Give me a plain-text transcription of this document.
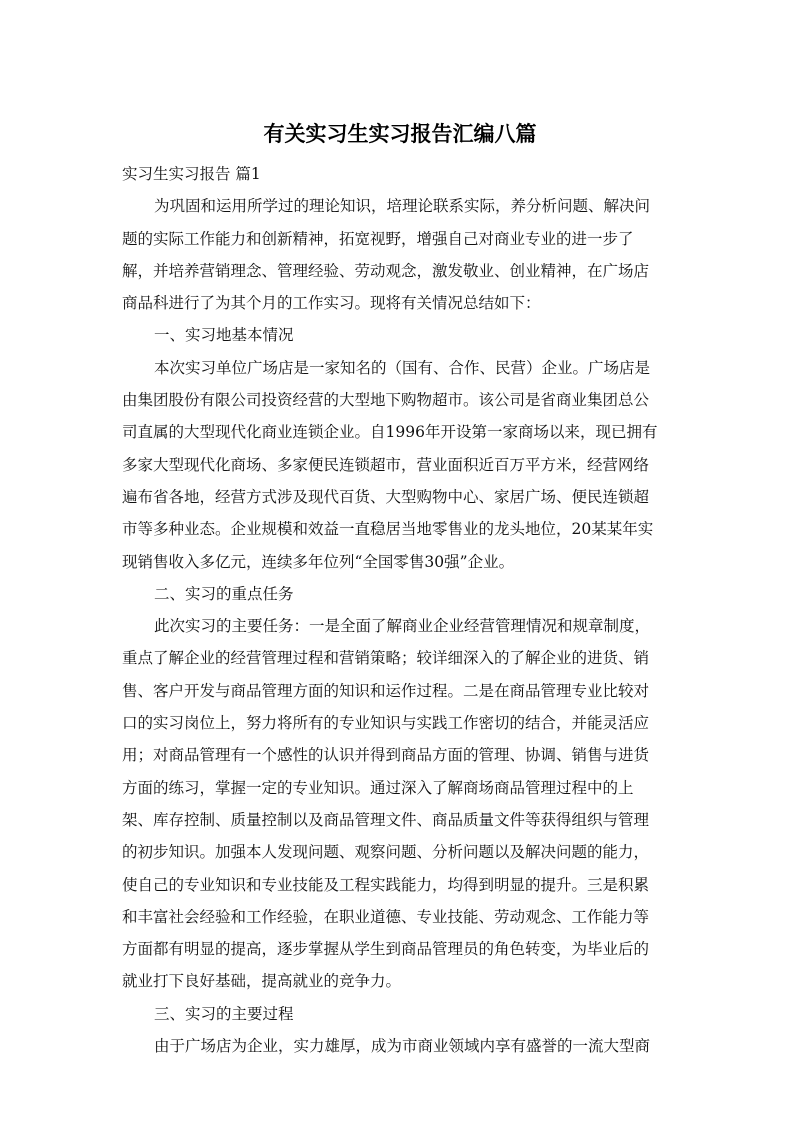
有关实习生实习报告汇编八篇
实习生实习报告 篇1
为巩固和运用所学过的理论知识，培理论联系实际，养分析问题、解决问
题的实际工作能力和创新精神，拓宽视野，增强自己对商业专业的进一步了
解，并培养营销理念、管理经验、劳动观念，激发敬业、创业精神，在广场店
商品科进行了为其个月的工作实习。现将有关情况总结如下：
一、实习地基本情况
本次实习单位广场店是一家知名的（国有、合作、民营）企业。广场店是
由集团股份有限公司投资经营的大型地下购物超市。该公司是省商业集团总公
司直属的大型现代化商业连锁企业。自1996年开设第一家商场以来，现已拥有
多家大型现代化商场、多家便民连锁超市，营业面积近百万平方米，经营网络
遍布省各地，经营方式涉及现代百货、大型购物中心、家居广场、便民连锁超
市等多种业态。企业规模和效益一直稳居当地零售业的龙头地位，20某某年实
现销售收入多亿元，连续多年位列“全国零售30强”企业。
二、实习的重点任务
此次实习的主要任务：一是全面了解商业企业经营管理情况和规章制度，
重点了解企业的经营管理过程和营销策略；较详细深入的了解企业的进货、销
售、客户开发与商品管理方面的知识和运作过程。二是在商品管理专业比较对
口的实习岗位上，努力将所有的专业知识与实践工作密切的结合，并能灵活应
用；对商品管理有一个感性的认识并得到商品方面的管理、协调、销售与进货
方面的练习，掌握一定的专业知识。通过深入了解商场商品管理过程中的上
架、库存控制、质量控制以及商品管理文件、商品质量文件等获得组织与管理
的初步知识。加强本人发现问题、观察问题、分析问题以及解决问题的能力，
使自己的专业知识和专业技能及工程实践能力，均得到明显的提升。三是积累
和丰富社会经验和工作经验，在职业道德、专业技能、劳动观念、工作能力等
方面都有明显的提高，逐步掌握从学生到商品管理员的角色转变，为毕业后的
就业打下良好基础，提高就业的竞争力。
三、实习的主要过程
由于广场店为企业，实力雄厚，成为市商业领域内享有盛誉的一流大型商
